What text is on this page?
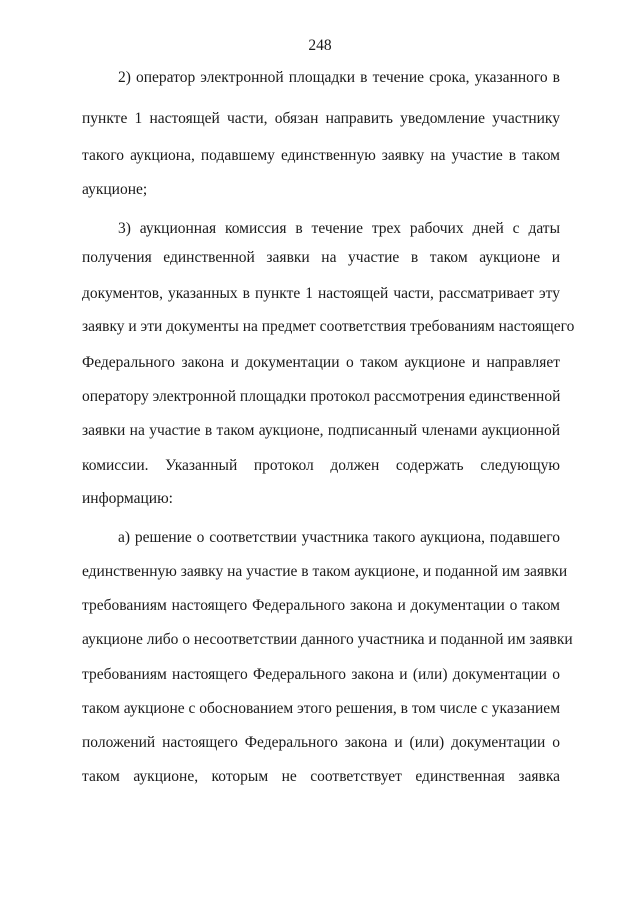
248
2) оператор электронной площадки в течение срока, указанного в
пункте 1 настоящей части, обязан направить уведомление участнику
такого аукциона, подавшему единственную заявку на участие в таком
аукционе;
3) аукционная комиссия в течение трех рабочих дней с даты
получения единственной заявки на участие в таком аукционе и
документов, указанных в пункте 1 настоящей части, рассматривает эту
заявку и эти документы на предмет соответствия требованиям настоящего
Федерального закона и документации о таком аукционе и направляет
оператору электронной площадки протокол рассмотрения единственной
заявки на участие в таком аукционе, подписанный членами аукционной
комиссии. Указанный протокол должен содержать следующую
информацию:
а) решение о соответствии участника такого аукциона, подавшего
единственную заявку на участие в таком аукционе, и поданной им заявки
требованиям настоящего Федерального закона и документации о таком
аукционе либо о несоответствии данного участника и поданной им заявки
требованиям настоящего Федерального закона и (или) документации о
таком аукционе с обоснованием этого решения, в том числе с указанием
положений настоящего Федерального закона и (или) документации о
таком аукционе, которым не соответствует единственная заявка
